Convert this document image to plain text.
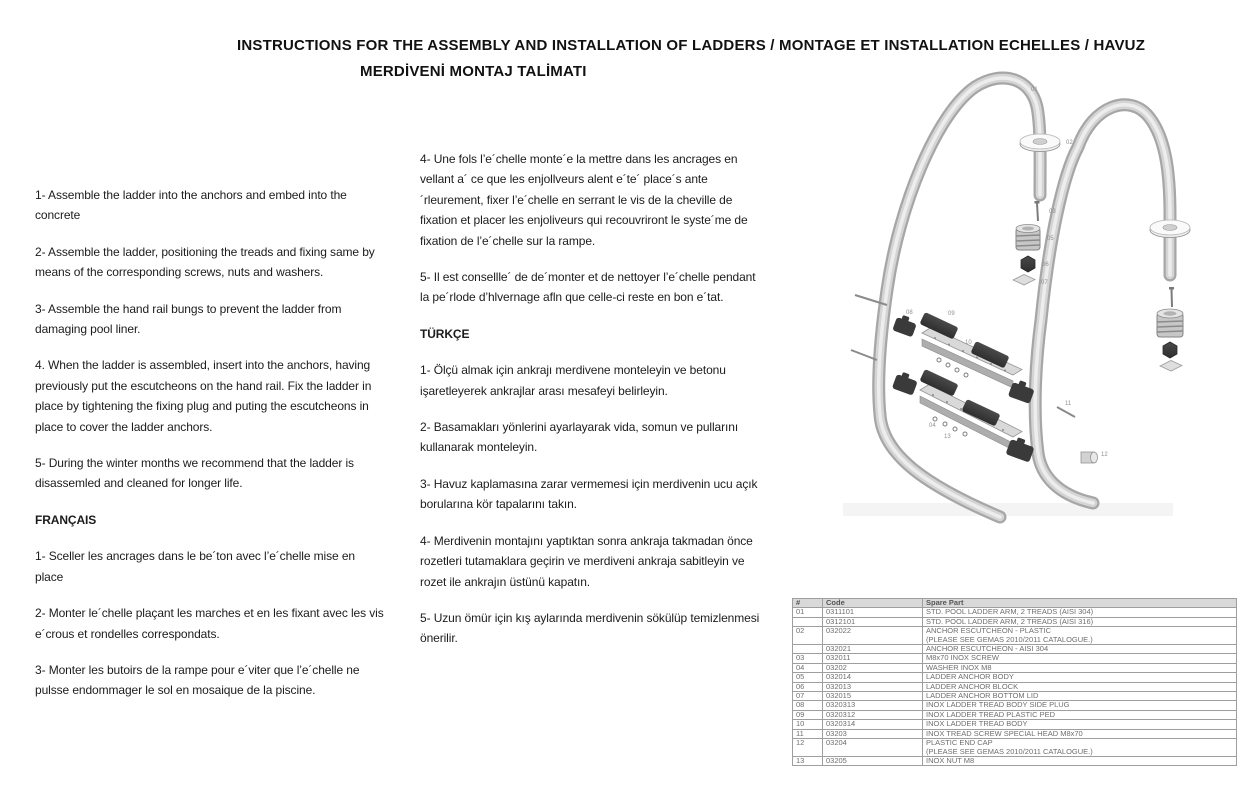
INSTRUCTIONS FOR THE ASSEMBLY AND INSTALLATION OF LADDERS / MONTAGE ET INSTALLATION ECHELLES / HAVUZ
MERDİVENİ MONTAJ TALİMATI

1- Assemble the ladder into the anchors and embed into the concrete

2- Assemble the ladder, positioning the treads and fixing same by means of the corresponding screws, nuts and washers.

3- Assemble the hand rail bungs to prevent the ladder from damaging pool liner.

4. When the ladder is assembled, insert into the anchors, having previously put the escutcheons on the hand rail. Fix the ladder in place by tightening the fixing plug and puting the escutcheons in place to cover the ladder anchors.

5- During the winter months we recommend that the ladder is disassemled and cleaned for longer life.

FRANÇAIS

1- Sceller les ancrages dans le be´ton avec l’e´chelle mise en place

2- Monter le´chelle plaçant les marches et en les fixant avec les vis e´crous et rondelles correspondats.

3- Monter les butoirs de la rampe pour e´viter que l’e´chelle ne pulsse endommager le sol en mosaique de la piscine.

4- Une fols l’e´chelle monte´e la mettre dans les ancrages en vellant a´ ce que les enjollveurs alent e´te´ place´s ante´rleurement, fixer l’e´chelle en serrant le vis de la cheville de fixation et placer les enjoliveurs qui recouvriront le syste´me de fixation de l’e´chelle sur la rampe.

5- Il est consellle´ de de´monter et de nettoyer l’e´chelle pendant la pe´rlode d’hlvernage afln que celle-ci reste en bon e´tat.

TÜRKÇE

1- Ölçü almak için ankrajı merdivene monteleyin ve betonu işaretleyerek ankrajlar arası mesafeyi belirleyin.

2- Basamakları yönlerini ayarlayarak vida, somun ve pullarını kullanarak monteleyin.

3- Havuz kaplamasına zarar vermemesi için merdivenin ucu açık borularına kör tapalarını takın.

4- Merdivenin montajını yaptıktan sonra ankraja takmadan önce rozetleri tutamaklara geçirin ve merdiveni ankraja sabitleyin ve rozet ile ankrajın üstünü kapatın.

5- Uzun ömür için kış aylarında merdivenin sökülüp temizlenmesi önerilir.

01
02
03
05
06
07
08	09
10
04
13
11
12
#	Code	Spare Part
01	0311101	STD. POOL LADDER ARM, 2 TREADS (AISI 304)

	0312101	STD. POOL LADDER ARM, 2 TREADS (AISI 316)

02	032022	ANCHOR ESCUTCHEON - PLASTIC
(PLEASE SEE GEMAS 2010/2011 CATALOGUE.)

	032021	ANCHOR ESCUTCHEON - AISI 304

03	032011	M8x70 INOX SCREW

04	03202	WASHER INOX M8

05	032014	LADDER ANCHOR BODY

06	032013	LADDER ANCHOR BLOCK

07	032015	LADDER ANCHOR BOTTOM LID

08	0320313	INOX LADDER TREAD BODY SIDE PLUG

09	0320312	INOX LADDER TREAD PLASTIC PED

10	0320314	INOX LADDER TREAD BODY

11	03203	INOX TREAD SCREW SPECIAL HEAD M8x70

12	03204	PLASTIC END CAP
(PLEASE SEE GEMAS 2010/2011 CATALOGUE.)

13	03205	INOX NUT M8
